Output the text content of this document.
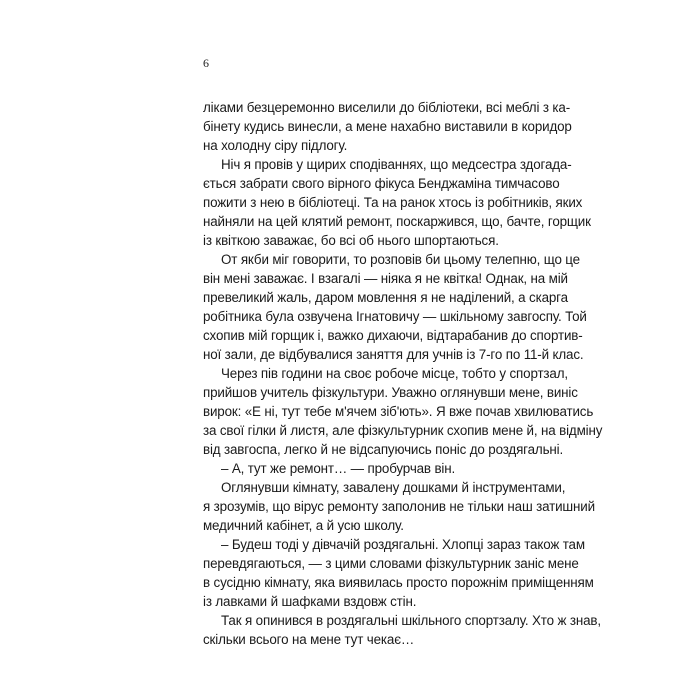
6
ліками безцеремонно виселили до бібліотеки, всі меблі з ка-
бінету кудись винесли, а мене нахабно виставили в коридор
на холодну сіру підлогу.
Ніч я провів у щирих сподіваннях, що медсестра здогада-
ється забрати свого вірного фікуса Бенджаміна тимчасово
пожити з нею в бібліотеці. Та на ранок хтось із робітників, яких
найняли на цей клятий ремонт, поскаржився, що, бачте, горщик
із квіткою заважає, бо всі об нього шпортаються.
От якби міг говорити, то розповів би цьому телепню, що це
він мені заважає. І взагалі — ніяка я не квітка! Однак, на мій
превеликий жаль, даром мовлення я не наділений, а скарга
робітника була озвучена Ігнатовичу — шкільному завгоспу. Той
схопив мій горщик і, важко дихаючи, відтарабанив до спортив-
ної зали, де відбувалися заняття для учнів із 7-го по 11-й клас.
Через пів години на своє робоче місце, тобто у спортзал,
прийшов учитель фізкультури. Уважно оглянувши мене, виніс
вирок: «Е ні, тут тебе м'ячем зіб'ють». Я вже почав хвилюватись
за свої гілки й листя, але фізкультурник схопив мене й, на відміну
від завгоспа, легко й не відсапуючись поніс до роздягальні.
– А, тут же ремонт… — пробурчав він.
Оглянувши кімнату, завалену дошками й інструментами,
я зрозумів, що вірус ремонту заполонив не тільки наш затишний
медичний кабінет, а й усю школу.
– Будеш тоді у дівчачій роздягальні. Хлопці зараз також там
перевдягаються, — з цими словами фізкультурник заніс мене
в сусідню кімнату, яка виявилась просто порожнім приміщенням
із лавками й шафками вздовж стін.
Так я опинився в роздягальні шкільного спортзалу. Хто ж знав,
скільки всього на мене тут чекає…
